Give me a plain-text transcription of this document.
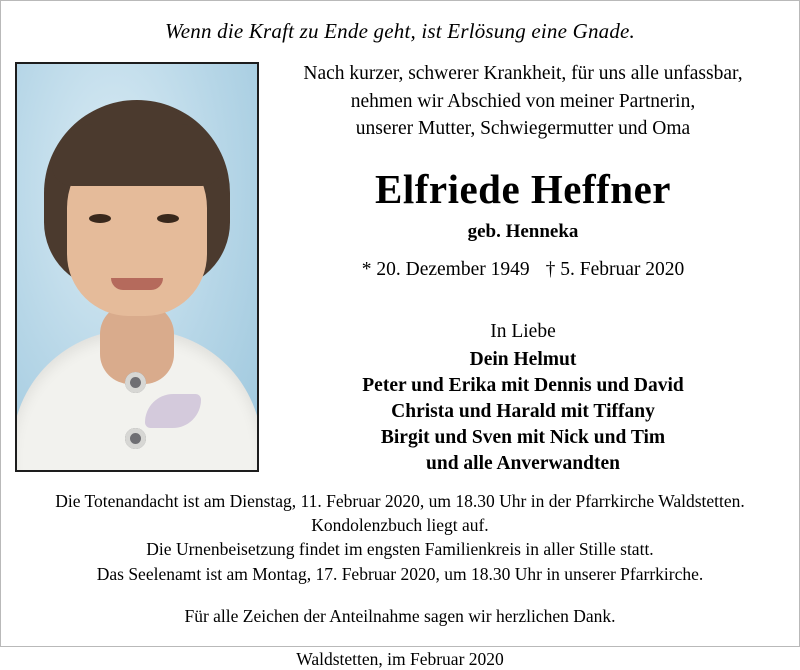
Wenn die Kraft zu Ende geht, ist Erlösung eine Gnade.
Nach kurzer, schwerer Krankheit, für uns alle unfassbar,
nehmen wir Abschied von meiner Partnerin,
unserer Mutter, Schwiegermutter und Oma
Elfriede Heffner
geb. Henneka
* 20. Dezember 1949 † 5. Februar 2020
In Liebe
Dein Helmut
Peter und Erika mit Dennis und David
Christa und Harald mit Tiffany
Birgit und Sven mit Nick und Tim
und alle Anverwandten
Die Totenandacht ist am Dienstag, 11. Februar 2020, um 18.30 Uhr in der Pfarrkirche Waldstetten.
Kondolenzbuch liegt auf.
Die Urnenbeisetzung findet im engsten Familienkreis in aller Stille statt.
Das Seelenamt ist am Montag, 17. Februar 2020, um 18.30 Uhr in unserer Pfarrkirche.
Für alle Zeichen der Anteilnahme sagen wir herzlichen Dank.
Waldstetten, im Februar 2020
